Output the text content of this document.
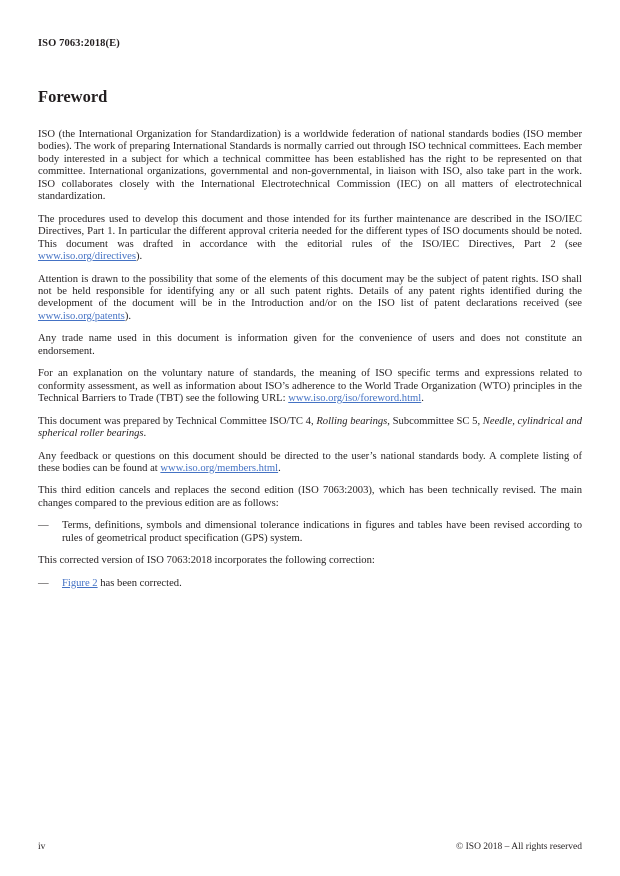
ISO 7063:2018(E)
Foreword

ISO (the International Organization for Standardization) is a worldwide federation of national standards bodies (ISO member bodies). The work of preparing International Standards is normally carried out through ISO technical committees. Each member body interested in a subject for which a technical committee has been established has the right to be represented on that committee. International organizations, governmental and non-governmental, in liaison with ISO, also take part in the work. ISO collaborates closely with the International Electrotechnical Commission (IEC) on all matters of electrotechnical standardization.

The procedures used to develop this document and those intended for its further maintenance are described in the ISO/IEC Directives, Part 1. In particular the different approval criteria needed for the different types of ISO documents should be noted. This document was drafted in accordance with the editorial rules of the ISO/IEC Directives, Part 2 (see www.iso.org/directives).

Attention is drawn to the possibility that some of the elements of this document may be the subject of patent rights. ISO shall not be held responsible for identifying any or all such patent rights. Details of any patent rights identified during the development of the document will be in the Introduction and/or on the ISO list of patent declarations received (see www.iso.org/patents).

Any trade name used in this document is information given for the convenience of users and does not constitute an endorsement.

For an explanation on the voluntary nature of standards, the meaning of ISO specific terms and expressions related to conformity assessment, as well as information about ISO’s adherence to the World Trade Organization (WTO) principles in the Technical Barriers to Trade (TBT) see the following URL: www.iso.org/iso/foreword.html.

This document was prepared by Technical Committee ISO/TC 4, Rolling bearings, Subcommittee SC 5, Needle, cylindrical and spherical roller bearings.

Any feedback or questions on this document should be directed to the user’s national standards body. A complete listing of these bodies can be found at www.iso.org/members.html.

This third edition cancels and replaces the second edition (ISO 7063:2003), which has been technically revised. The main changes compared to the previous edition are as follows:

—	Terms, definitions, symbols and dimensional tolerance indications in figures and tables have been revised according to rules of geometrical product specification (GPS) system.

This corrected version of ISO 7063:2018 incorporates the following correction:

—	Figure 2 has been corrected.
iv	© ISO 2018 – All rights reserved
